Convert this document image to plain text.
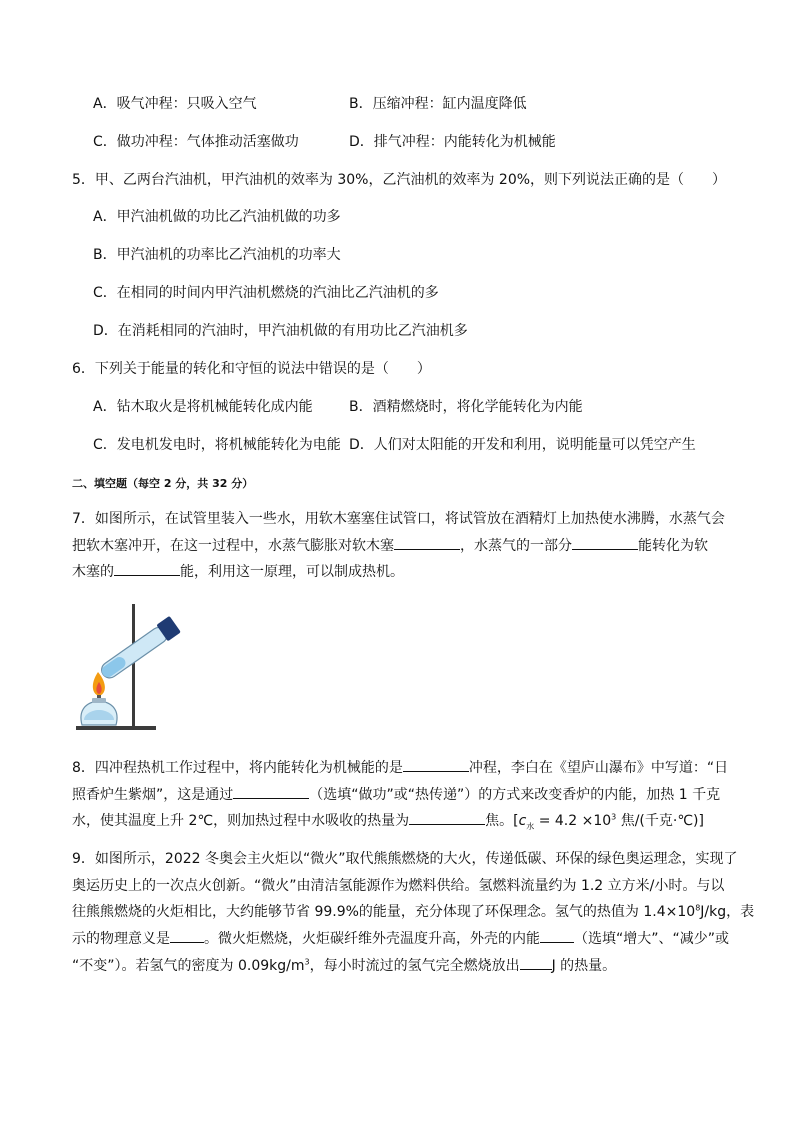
A．吸气冲程：只吸入空气	B．压缩冲程：缸内温度降低
C．做功冲程：气体推动活塞做功	D．排气冲程：内能转化为机械能
5．甲、乙两台汽油机，甲汽油机的效率为 30%，乙汽油机的效率为 20%，则下列说法正确的是（　　）
A．甲汽油机做的功比乙汽油机做的功多
B．甲汽油机的功率比乙汽油机的功率大
C．在相同的时间内甲汽油机燃烧的汽油比乙汽油机的多
D．在消耗相同的汽油时，甲汽油机做的有用功比乙汽油机多
6．下列关于能量的转化和守恒的说法中错误的是（　　）
A．钻木取火是将机械能转化成内能	B．酒精燃烧时，将化学能转化为内能
C．发电机发电时，将机械能转化为电能 D．人们对太阳能的开发和利用，说明能量可以凭空产生
二、填空题（每空 2 分，共 32 分）
7．如图所示，在试管里装入一些水，用软木塞塞住试管口，将试管放在酒精灯上加热使水沸腾，水蒸气会
把软木塞冲开，在这一过程中，水蒸气膨胀对软木塞	，水蒸气的一部分	能转化为软
木塞的	能，利用这一原理，可以制成热机。
8．四冲程热机工作过程中，将内能转化为机械能的是	冲程，李白在《望庐山瀑布》中写道：“日
照香炉生紫烟”，这是通过	（选填“做功”或“热传递”）的方式来改变香炉的内能，加热 1 千克
水，使其温度上升 2℃，则加热过程中水吸收的热量为	焦。[$c_水 = 4.2 \times 10^3$ 焦/(千克·℃)]
9．如图所示，2022 冬奥会主火炬以“微火”取代熊熊燃烧的大火，传递低碳、环保的绿色奥运理念，实现了
奥运历史上的一次点火创新。“微火”由清洁氢能源作为燃料供给。氢燃料流量约为 1.2 立方米/小时。与以
往熊熊燃烧的火炬相比，大约能够节省 99.9%的能量，充分体现了环保理念。氢气的热值为 $1.4\times 10^8J/kg$，表
示的物理意义是 。微火炬燃烧，火炬碳纤维外壳温度升高，外壳的内能 （选填“增大”、“减少”或
“不变”）。若氢气的密度为 $0.09kg/m^3$，每小时流过的氢气完全燃烧放出 J 的热量。
